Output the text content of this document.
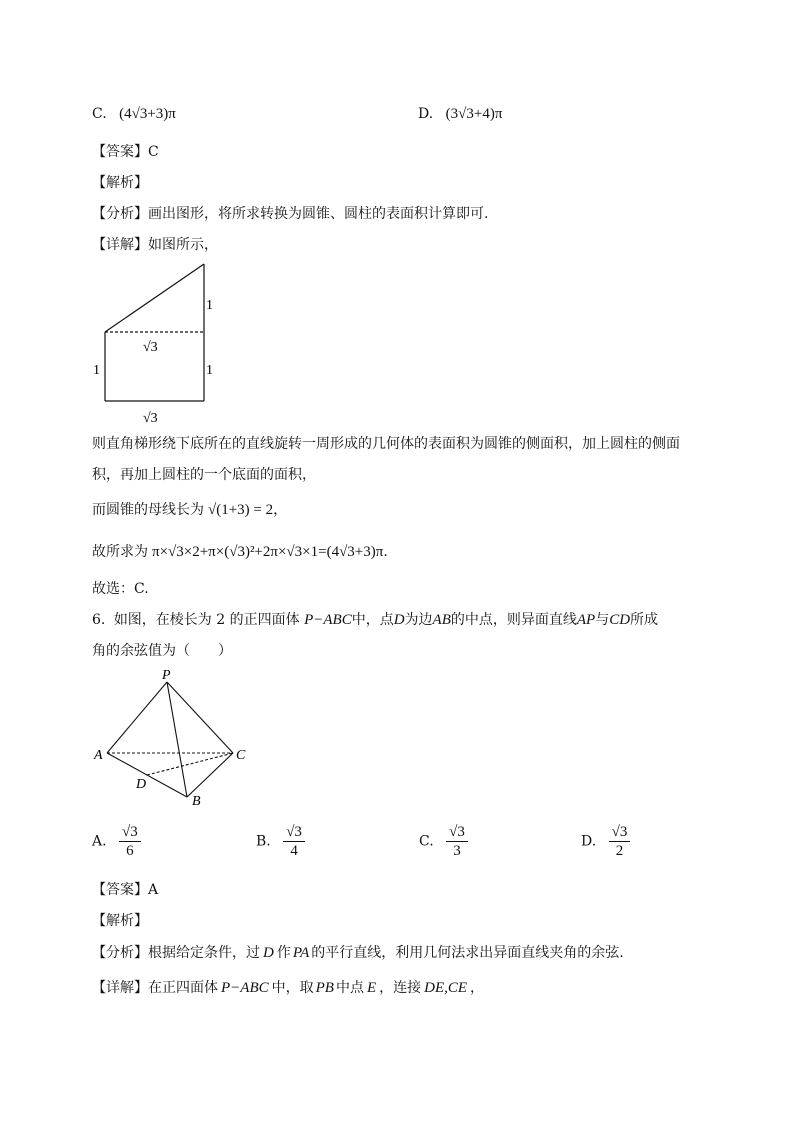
C. (4√3+3)π	D. (3√3+4)π
【答案】C
【解析】
【分析】画出图形，将所求转换为圆锥、圆柱的表面积计算即可.
【详解】如图所示，
1
√3
1	1
√3
则直角梯形绕下底所在的直线旋转一周形成的几何体的表面积为圆锥的侧面积，加上圆柱的侧面
积，再加上圆柱的一个底面的面积，
而圆锥的母线长为 √(1+3) = 2，
故所求为 π×√3×2+π×(√3)²+2π×√3×1=(4√3+3)π.
故选：C.
6. 如图，在棱长为 2 的正四面体 P−ABC中，点D为边AB的中点，则异面直线AP与CD所成
角的余弦值为（　　）
P
A	C
D
B
A. $\frac{√3}{6}$	B. $\frac{√3}{4}$	C. $\frac{√3}{3}$	D. $\frac{√3}{2}$
【答案】A
【解析】
【分析】根据给定条件，过 D 作 PA 的平行直线，利用几何法求出异面直线夹角的余弦.
【详解】在正四面体 P−ABC 中，取 PB 中点 E ，连接 DE,CE ，
